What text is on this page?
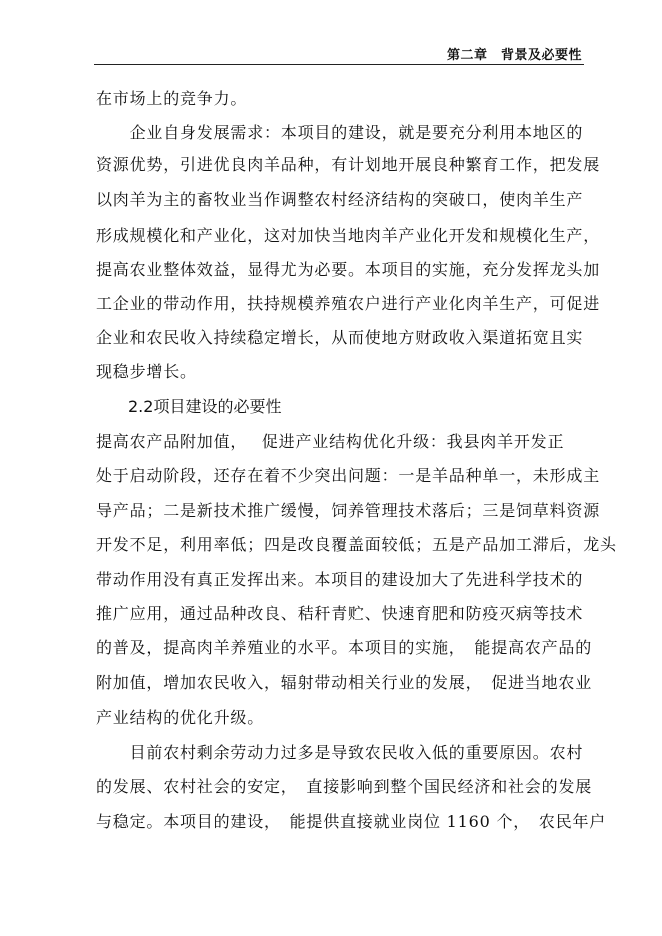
第二章　背景及必要性
在市场上的竞争力。
　　企业自身发展需求：本项目的建设，就是要充分利用本地区的
资源优势，引进优良肉羊品种，有计划地开展良种繁育工作，把发展
以肉羊为主的畜牧业当作调整农村经济结构的突破口，使肉羊生产
形成规模化和产业化，这对加快当地肉羊产业化开发和规模化生产，
提高农业整体效益，显得尤为必要。本项目的实施，充分发挥龙头加
工企业的带动作用，扶持规模养殖农户进行产业化肉羊生产，可促进
企业和农民收入持续稳定增长，从而使地方财政收入渠道拓宽且实
现稳步增长。
2.2项目建设的必要性
提高农产品附加值，　 促进产业结构优化升级：我县肉羊开发正
处于启动阶段，还存在着不少突出问题：一是羊品种单一，未形成主
导产品；二是新技术推广缓慢，饲养管理技术落后；三是饲草料资源
开发不足，利用率低；四是改良覆盖面较低；五是产品加工滞后，龙头
带动作用没有真正发挥出来。本项目的建设加大了先进科学技术的
推广应用，通过品种改良、秸秆青贮、快速育肥和防疫灭病等技术
的普及，提高肉羊养殖业的水平。本项目的实施，　能提高农产品的
附加值，增加农民收入，辐射带动相关行业的发展，　促进当地农业
产业结构的优化升级。
　　目前农村剩余劳动力过多是导致农民收入低的重要原因。农村
的发展、农村社会的安定，　直接影响到整个国民经济和社会的发展
与稳定。本项目的建设，　能提供直接就业岗位 1160 个，　农民年户
